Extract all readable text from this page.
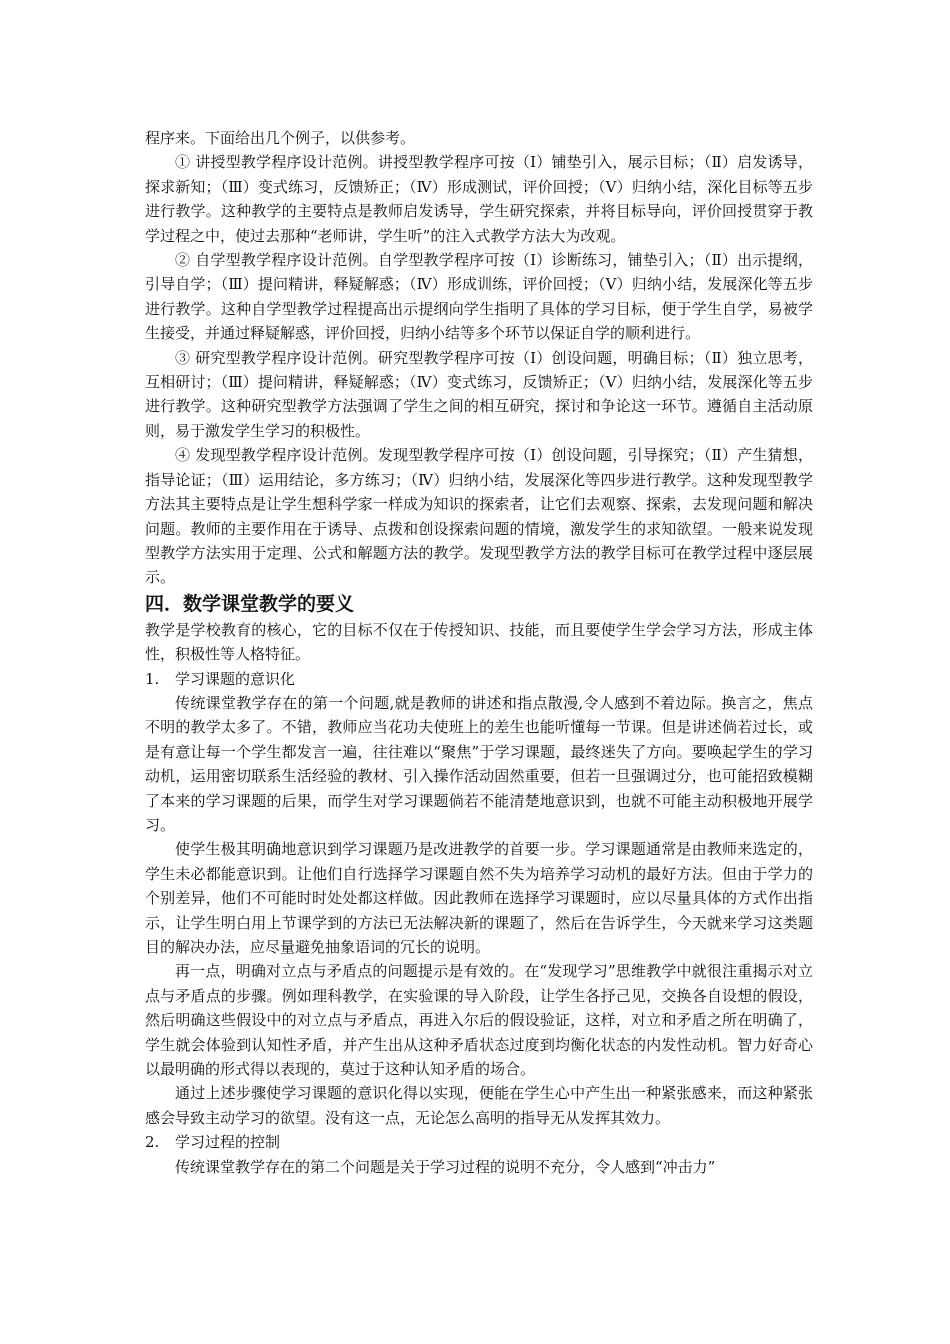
程序来。下面给出几个例子，以供参考。

① 讲授型教学程序设计范例。讲授型教学程序可按（Ⅰ）铺垫引入，展示目标；（Ⅱ）启发诱导，探求新知；（Ⅲ）变式练习，反馈矫正；（Ⅳ）形成测试，评价回授；（Ⅴ）归纳小结，深化目标等五步进行教学。这种教学的主要特点是教师启发诱导，学生研究探索，并将目标导向，评价回授贯穿于教学过程之中，使过去那种“老师讲，学生听”的注入式教学方法大为改观。

② 自学型教学程序设计范例。自学型教学程序可按（Ⅰ）诊断练习，铺垫引入；（Ⅱ）出示提纲，引导自学；（Ⅲ）提问精讲，释疑解惑；（Ⅳ）形成训练，评价回授；（Ⅴ）归纳小结，发展深化等五步进行教学。这种自学型教学过程提高出示提纲向学生指明了具体的学习目标，便于学生自学，易被学生接受，并通过释疑解惑，评价回授，归纳小结等多个环节以保证自学的顺利进行。

③ 研究型教学程序设计范例。研究型教学程序可按（Ⅰ）创设问题，明确目标；（Ⅱ）独立思考，互相研讨；（Ⅲ）提问精讲，释疑解惑；（Ⅳ）变式练习，反馈矫正；（Ⅴ）归纳小结，发展深化等五步进行教学。这种研究型教学方法强调了学生之间的相互研究，探讨和争论这一环节。遵循自主活动原则，易于激发学生学习的积极性。

④ 发现型教学程序设计范例。发现型教学程序可按（Ⅰ）创设问题，引导探究；（Ⅱ）产生猜想，指导论证；（Ⅲ）运用结论，多方练习；（Ⅳ）归纳小结，发展深化等四步进行教学。这种发现型教学方法其主要特点是让学生想科学家一样成为知识的探索者，让它们去观察、探索，去发现问题和解决问题。教师的主要作用在于诱导、点拨和创设探索问题的情境，激发学生的求知欲望。一般来说发现型教学方法实用于定理、公式和解题方法的教学。发现型教学方法的教学目标可在教学过程中逐层展示。

四．数学课堂教学的要义

教学是学校教育的核心，它的目标不仅在于传授知识、技能，而且要使学生学会学习方法，形成主体性，积极性等人格特征。

1.	学习课题的意识化

传统课堂教学存在的第一个问题,就是教师的讲述和指点散漫,令人感到不着边际。换言之，焦点不明的教学太多了。不错，教师应当花功夫使班上的差生也能听懂每一节课。但是讲述倘若过长，或是有意让每一个学生都发言一遍，往往难以“聚焦”于学习课题，最终迷失了方向。要唤起学生的学习动机，运用密切联系生活经验的教材、引入操作活动固然重要，但若一旦强调过分，也可能招致模糊了本来的学习课题的后果，而学生对学习课题倘若不能清楚地意识到，也就不可能主动积极地开展学习。

使学生极其明确地意识到学习课题乃是改进教学的首要一步。学习课题通常是由教师来选定的，学生未必都能意识到。让他们自行选择学习课题自然不失为培养学习动机的最好方法。但由于学力的个别差异，他们不可能时时处处都这样做。因此教师在选择学习课题时，应以尽量具体的方式作出指示，让学生明白用上节课学到的方法已无法解决新的课题了，然后在告诉学生，今天就来学习这类题目的解决办法，应尽量避免抽象语词的冗长的说明。

再一点，明确对立点与矛盾点的问题提示是有效的。在“发现学习”思维教学中就很注重揭示对立点与矛盾点的步骤。例如理科教学，在实验课的导入阶段，让学生各抒己见，交换各自设想的假设，然后明确这些假设中的对立点与矛盾点，再进入尔后的假设验证，这样，对立和矛盾之所在明确了，学生就会体验到认知性矛盾，并产生出从这种矛盾状态过度到均衡化状态的内发性动机。智力好奇心以最明确的形式得以表现的，莫过于这种认知矛盾的场合。

通过上述步骤使学习课题的意识化得以实现，便能在学生心中产生出一种紧张感来，而这种紧张感会导致主动学习的欲望。没有这一点，无论怎么高明的指导无从发挥其效力。

2.	学习过程的控制

传统课堂教学存在的第二个问题是关于学习过程的说明不充分，令人感到“冲击力”
